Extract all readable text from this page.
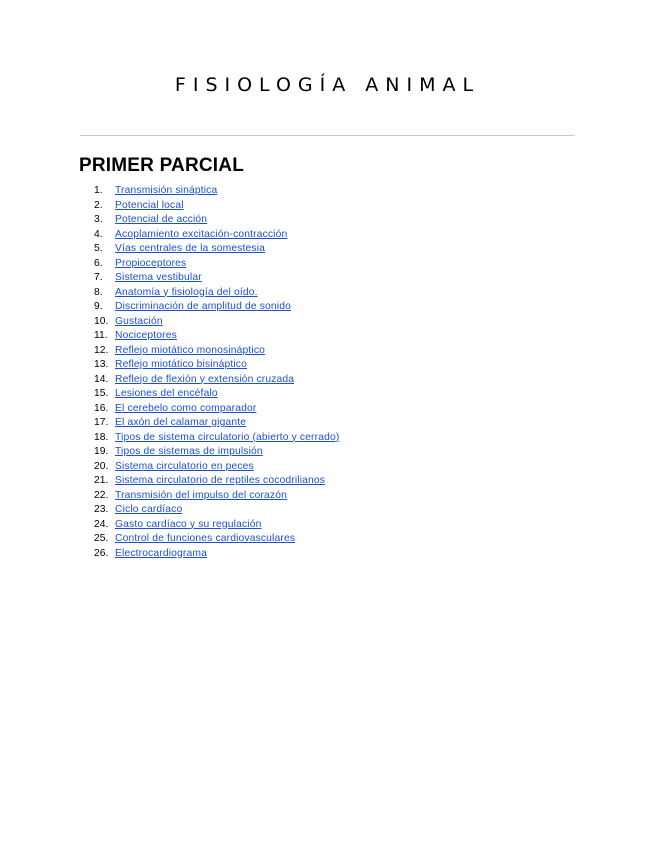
FISIOLOGÍA ANIMAL
PRIMER PARCIAL
1. Transmisión sináptica
2. Potencial local
3. Potencial de acción
4. Acoplamiento excitación-contracción
5. Vías centrales de la somestesia
6. Propioceptores
7. Sistema vestibular
8. Anatomía y fisiología del oído.
9. Discriminación de amplitud de sonido
10. Gustación
11. Nociceptores
12. Reflejo miotático monosináptico
13. Reflejo miotático bisináptico
14. Reflejo de flexión y extensión cruzada
15. Lesiones del encéfalo
16. El cerebelo como comparador
17. El axón del calamar gigante
18. Tipos de sistema circulatorio (abierto y cerrado)
19. Tipos de sistemas de impulsión
20. Sistema circulatorio en peces
21. Sistema circulatorio de reptiles cocodrilianos
22. Transmisión del impulso del corazón
23. Ciclo cardíaco
24. Gasto cardíaco y su regulación
25. Control de funciones cardiovasculares
26. Electrocardiograma
